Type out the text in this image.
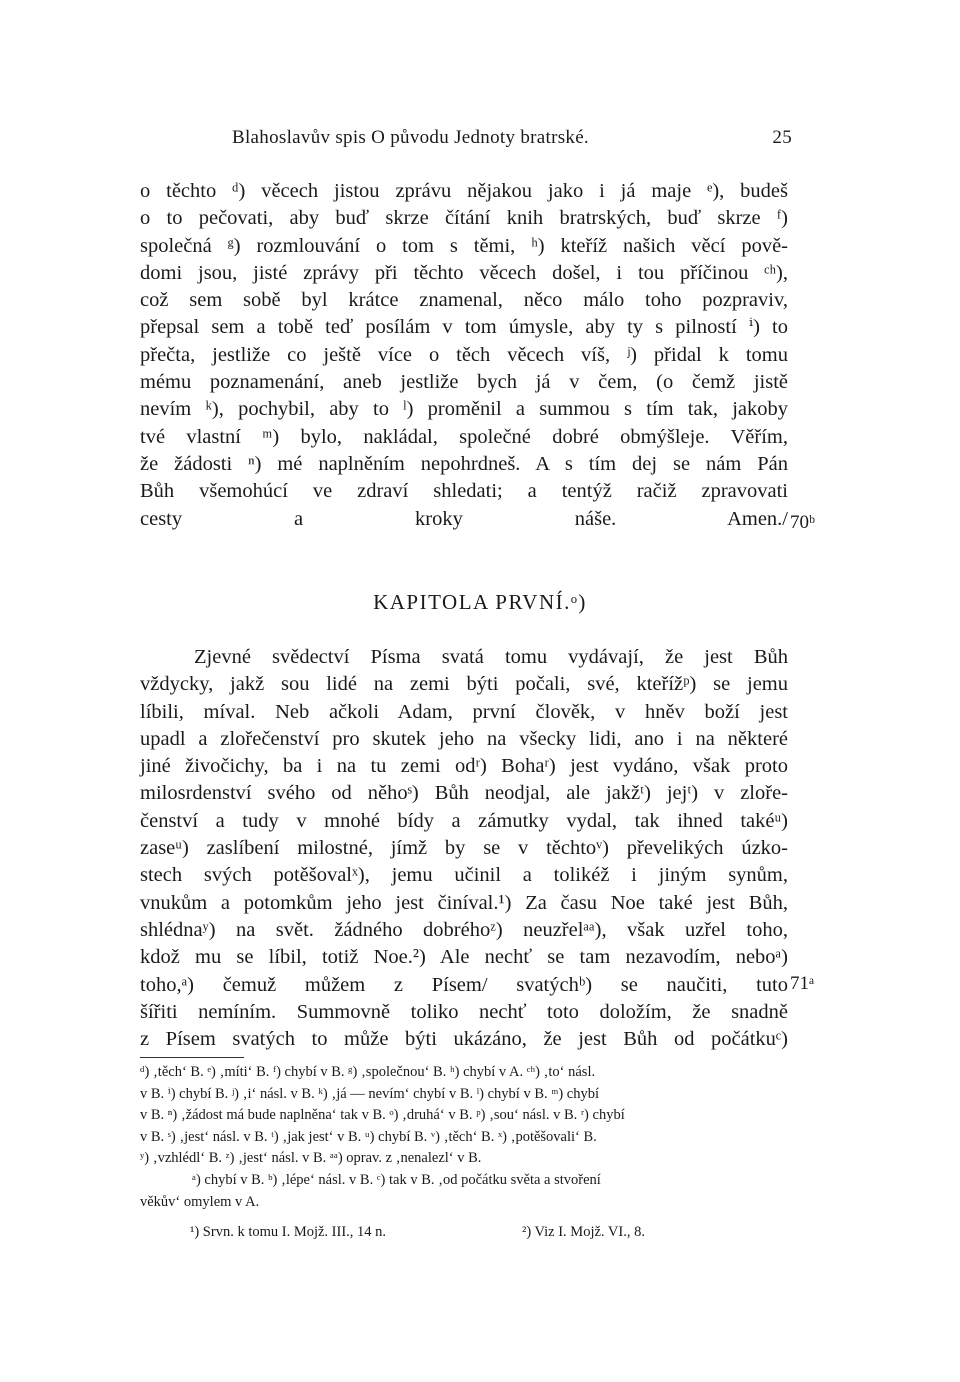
Blahoslavův spis O původu Jednoty bratrské.	25
o těchto ᵈ) věcech jistou zprávu nějakou jako i já maje ᵉ), budeš
o to pečovati, aby buď skrze čítání knih bratrských, buď skrze ᶠ)
společná ᵍ) rozmlouvání o tom s těmi, ʰ) kteříž našich věcí pově-
domi jsou, jisté zprávy při těchto věcech došel, i tou příčinou ᶜʰ),
což sem sobě byl krátce znamenal, něco málo toho pozpraviv,
přepsal sem a tobě teď posílám v tom úmysle, aby ty s pilností ⁱ) to
přečta, jestliže co ještě více o těch věcech víš, ʲ) přidal k tomu
mému poznamenání, aneb jestliže bych já v čem, (o čemž jistě
nevím ᵏ), pochybil, aby to ˡ) proměnil a summou s tím tak, jakoby
tvé vlastní ᵐ) bylo, nakládal, společné dobré obmýšleje. Věřím,
že žádosti ⁿ) mé naplněním nepohrdneš. A s tím dej se nám Pán
Bůh všemohúcí ve zdraví shledati; a tentýž račiž zpravovati
cesty a kroky náše. Amen./ 70ᵇ
KAPITOLA PRVNÍ.ᵒ)
Zjevné svědectví Písma svatá tomu vydávají, že jest Bůh
vždycky, jakž sou lidé na zemi býti počali, své, kteřížᵖ) se jemu
líbili, míval. Neb ačkoli Adam, první člověk, v hněv boží jest
upadl a zlořečenství pro skutek jeho na všecky lidi, ano i na některé
jiné živočichy, ba i na tu zemi odʳ) Bohaʳ) jest vydáno, však proto
milosrdenství svého od něhoˢ) Bůh neodjal, ale jakžᵗ) jejᵗ) v zlořе-
čenství a tudy v mnohé bídy a zámutky vydal, tak ihned takéᵘ)
zaseᵘ) zaslíbení milostné, jímž by se v těchtoᵛ) převelikých úzko-
stech svých potěšovalˣ), jemu učinil a tolikéž i jiným synům,
vnukům a potomkům jeho jest činíval.¹) Za času Noe také jest Bůh,
shlédnaʸ) na svět. žádného dobréhoᶻ) neuzřelᵃᵃ), však uzřel toho,
kdož mu se líbil, totiž Noe.²) Ale nechť se tam nezavodím, neboᵃ)
toho,ᵃ) čemuž můžem z Písem/ svatýchᵇ) se naučiti, tuto
šířiti nemíním. Summovně toliko nechť toto doložím, že snadně
z Písem svatých to může býti ukázáno, že jest Bůh od počátkuᶜ)
71ᵃ
ᵈ) ‚těch‘ B. ᵉ) ‚míti‘ B. ᶠ) chybí v B. ᵍ) ‚společnou‘ B. ʰ) chybí v A. ᶜʰ) ‚to‘ násl.
v B. ⁱ) chybí B. ʲ) ‚i‘ násl. v B. ᵏ) ‚já — nevím‘ chybí v B. ˡ) chybí v B. ᵐ) chybí
v B. ⁿ) ‚žádost má bude naplněna‘ tak v B. ᵒ) ‚druhá‘ v B. ᵖ) ‚sou‘ násl. v B. ʳ) chybí
v B. ˢ) ‚jest‘ násl. v B. ᵗ) ‚jak jest‘ v B. ᵘ) chybí B. ᵛ) ‚těch‘ B. ˣ) ‚potěšovali‘ B.
ʸ) ‚vzhlédl‘ B. ᶻ) ‚jest‘ násl. v B. ᵃᵃ) oprav. z ‚nenalezl‘ v B.
ᵃ) chybí v B. ᵇ) ‚lépe‘ násl. v B. ᶜ) tak v B. ‚od počátku světa a stvoření
věkův‘ omylem v A.
¹) Srvn. k tomu I. Mojž. III., 14 n.	²) Viz I. Mojž. VI., 8.
